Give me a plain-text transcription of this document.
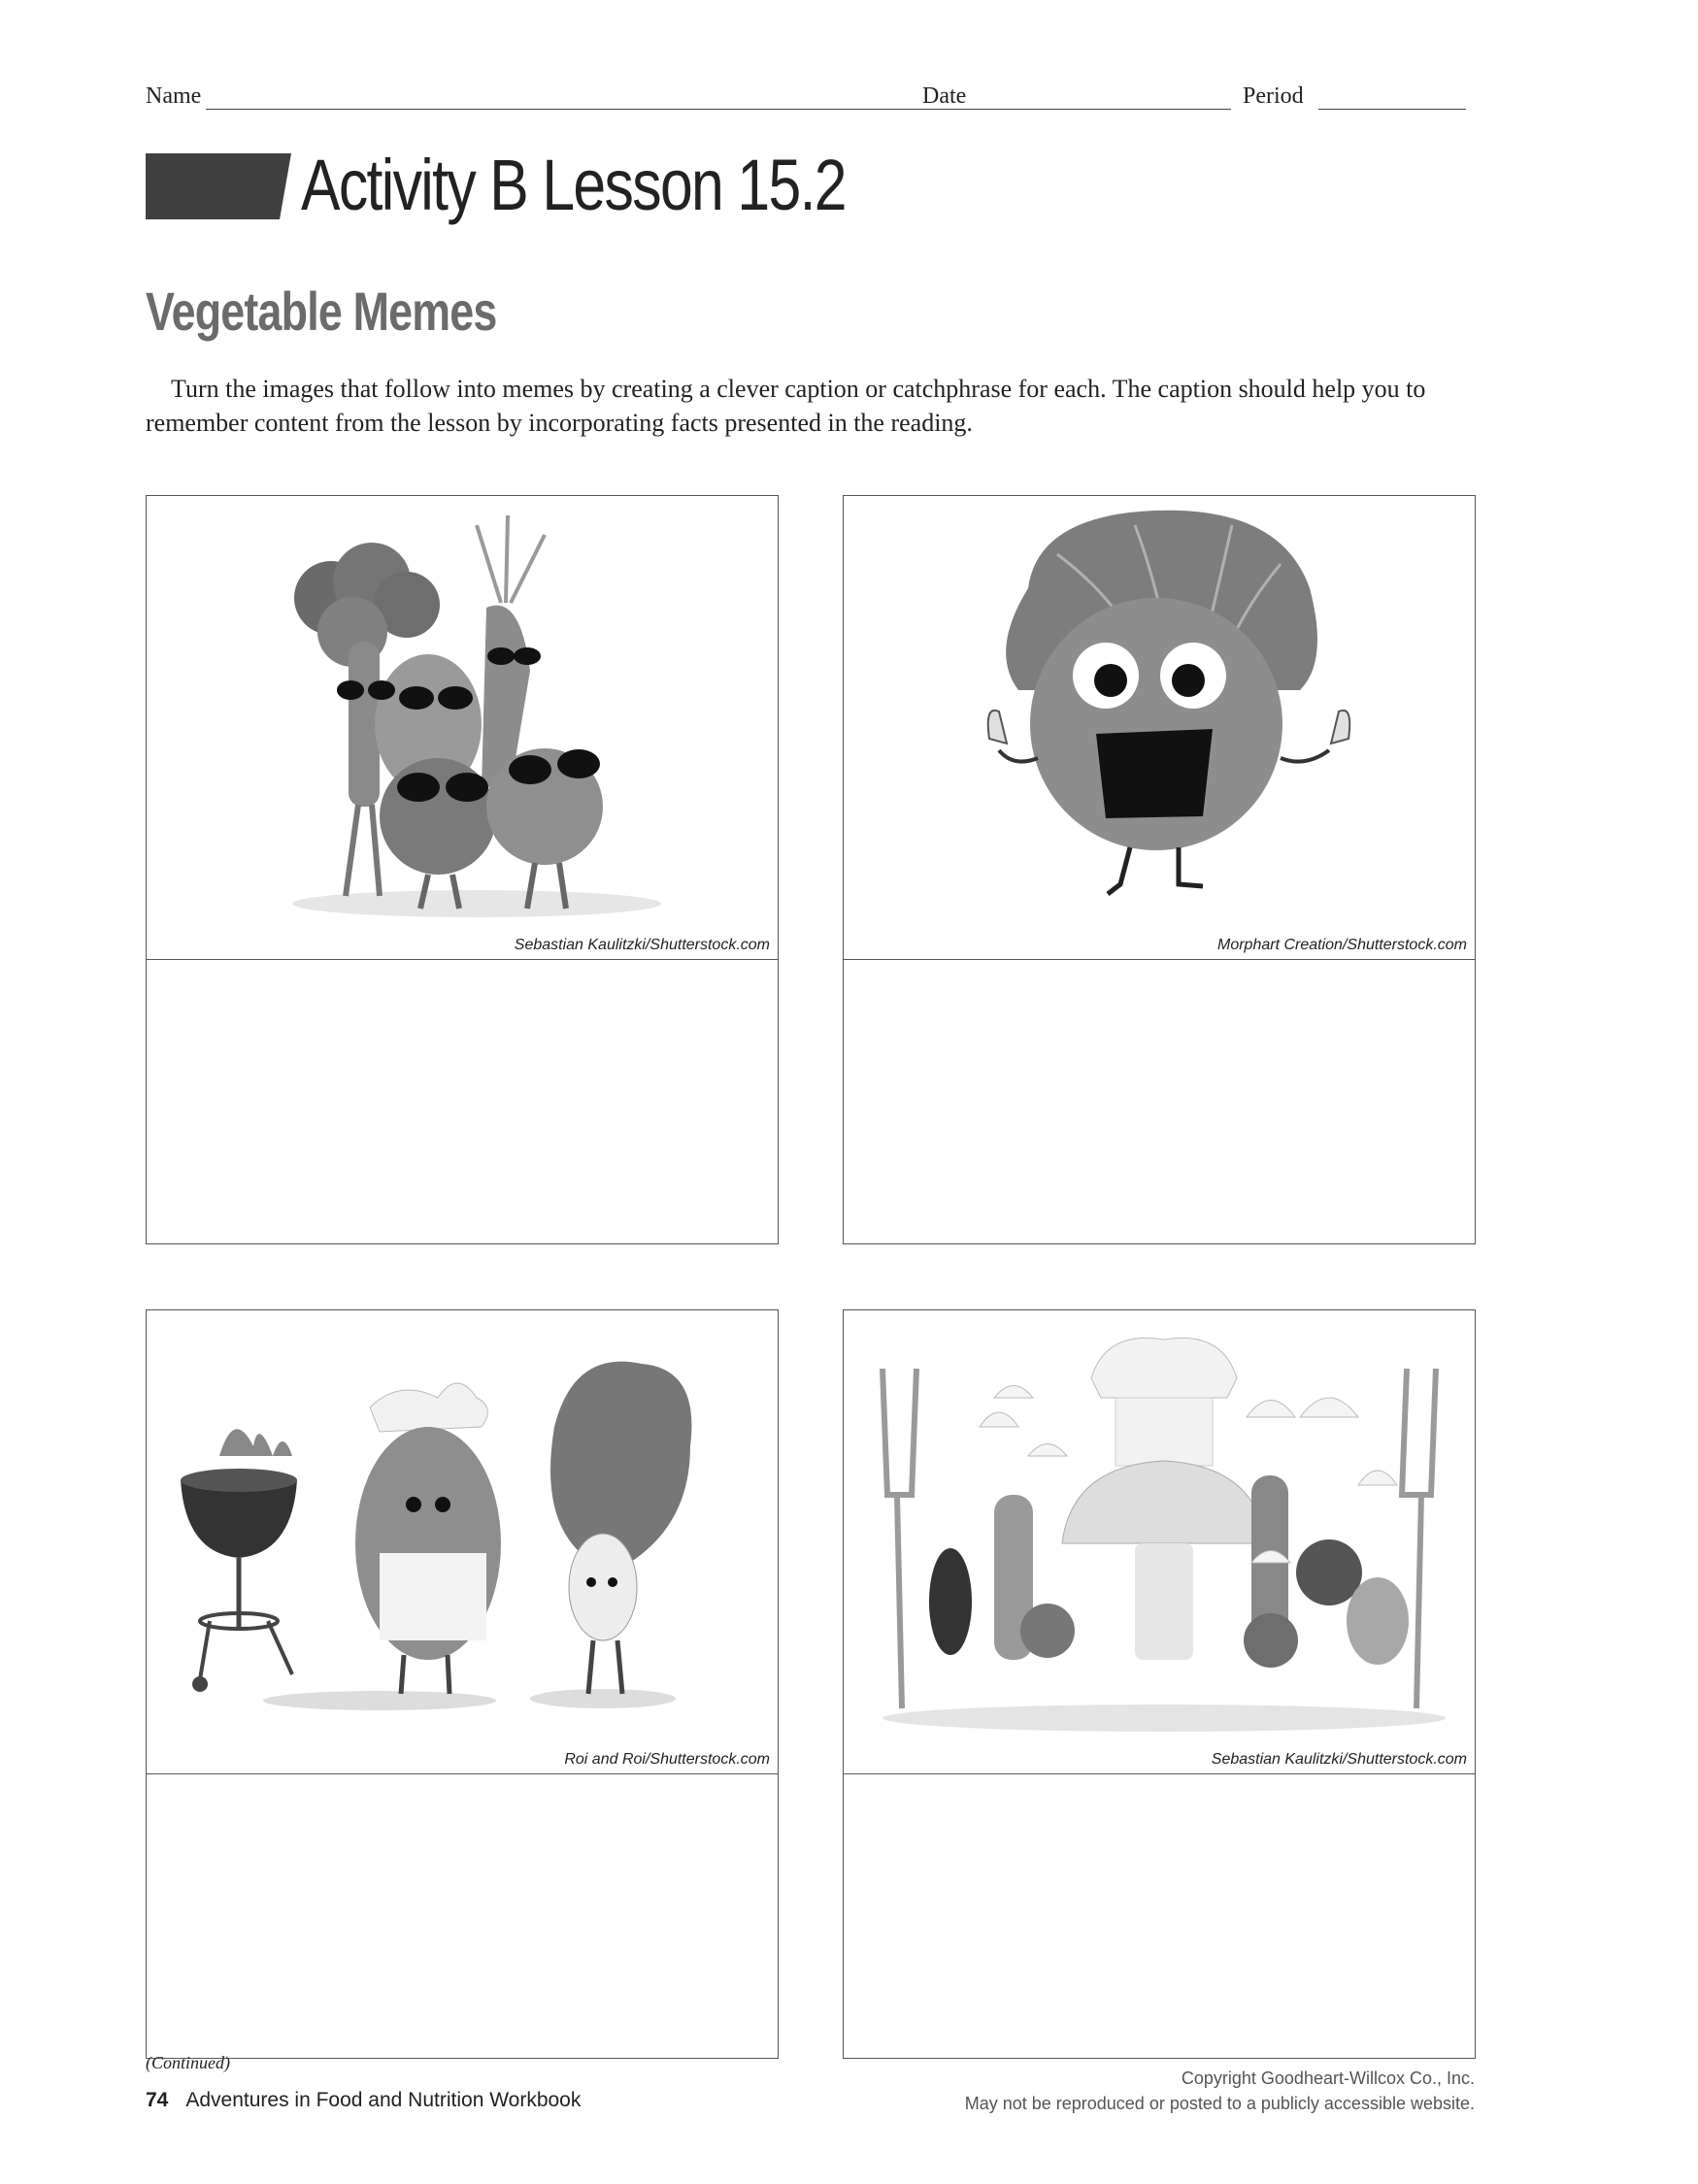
Name	Date	Period
Activity B Lesson 15.2
Vegetable Memes
Turn the images that follow into memes by creating a clever caption or catchphrase for each. The caption should help you to remember content from the lesson by incorporating facts presented in the reading.
Sebastian Kaulitzki/Shutterstock.com	Morphart Creation/Shutterstock.com
Roi and Roi/Shutterstock.com	Sebastian Kaulitzki/Shutterstock.com
(Continued)
74 Adventures in Food and Nutrition Workbook
Copyright Goodheart-Willcox Co., Inc.
May not be reproduced or posted to a publicly accessible website.
